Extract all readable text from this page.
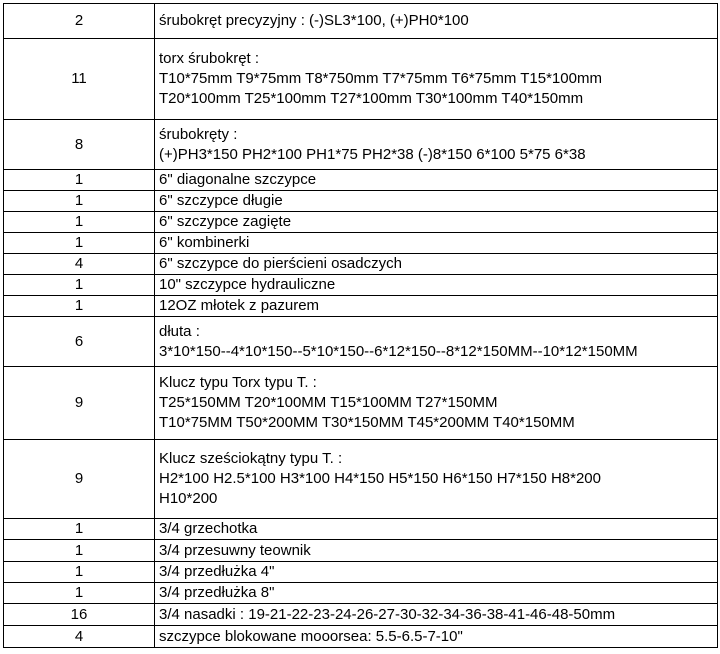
2	śrubokręt precyzyjny : (-)SL3*100, (+)PH0*100

11	torx śrubokręt :
T10*75mm T9*75mm T8*750mm T7*75mm T6*75mm T15*100mm
T20*100mm T25*100mm T27*100mm T30*100mm T40*150mm

8	śrubokręty :
(+)PH3*150 PH2*100 PH1*75 PH2*38 (-)8*150 6*100 5*75 6*38

1	6" diagonalne szczypce

1	6" szczypce długie

1	6" szczypce zagięte

1	6" kombinerki

4	6" szczypce do pierścieni osadczych

1	10" szczypce hydrauliczne

1	12OZ młotek z pazurem

6	dłuta :
3*10*150--4*10*150--5*10*150--6*12*150--8*12*150MM--10*12*150MM

9	Klucz typu Torx typu T. :
T25*150MM T20*100MM T15*100MM T27*150MM
T10*75MM T50*200MM T30*150MM T45*200MM T40*150MM

9	Klucz sześciokątny typu T. :
H2*100 H2.5*100 H3*100 H4*150 H5*150 H6*150 H7*150 H8*200
H10*200

1	3/4 grzechotka

1	3/4 przesuwny teownik

1	3/4 przedłużka 4"

1	3/4 przedłużka 8"

16	3/4 nasadki : 19-21-22-23-24-26-27-30-32-34-36-38-41-46-48-50mm

4	szczypce blokowane mooorsea: 5.5-6.5-7-10"
